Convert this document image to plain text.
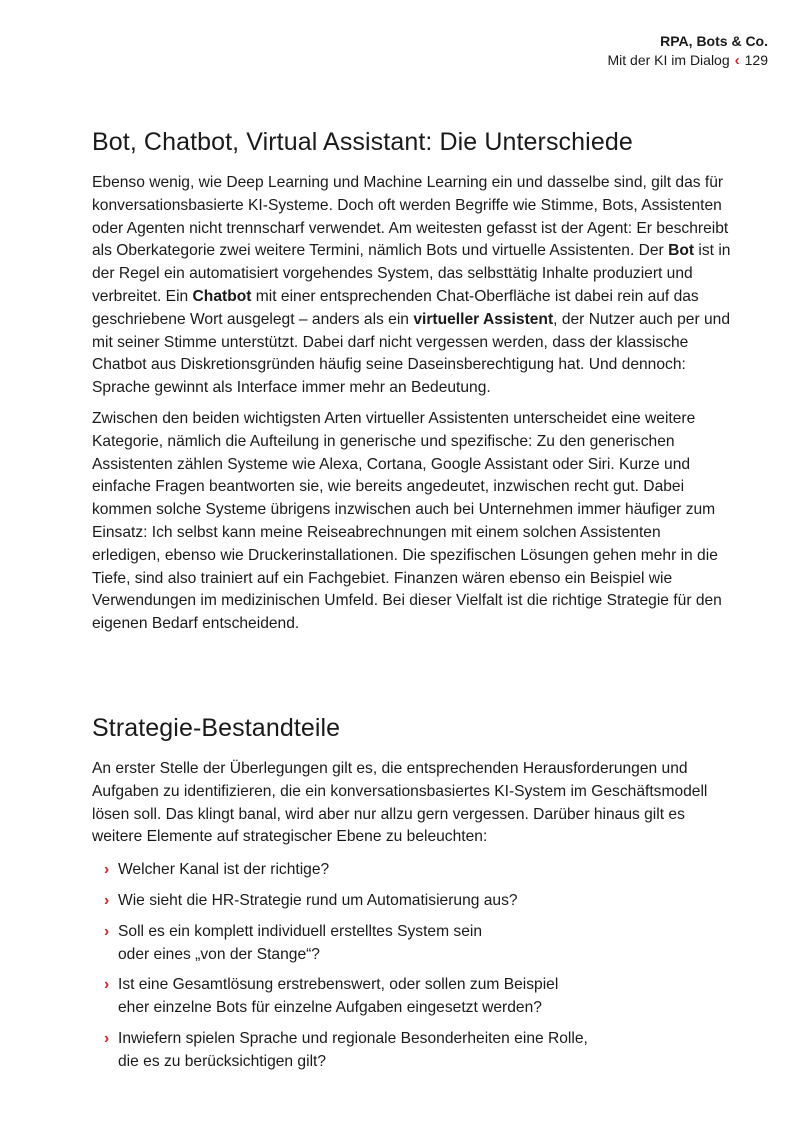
RPA, Bots & Co.
Mit der KI im Dialog ‹ 129
Bot, Chatbot, Virtual Assistant: Die Unterschiede

Ebenso wenig, wie Deep Learning und Machine Learning ein und dasselbe sind, gilt das für konversationsbasierte KI-Systeme. Doch oft werden Begriffe wie Stimme, Bots, Assistenten oder Agenten nicht trennscharf verwendet. Am weitesten gefasst ist der Agent: Er beschreibt als Oberkategorie zwei weitere Termini, nämlich Bots und virtuelle Assistenten. Der Bot ist in der Regel ein automatisiert vorgehendes System, das selbsttätig Inhalte produziert und verbreitet. Ein Chatbot mit einer entsprechenden Chat-Oberfläche ist dabei rein auf das geschriebene Wort ausgelegt – anders als ein virtueller Assistent, der Nutzer auch per und mit seiner Stimme unterstützt. Dabei darf nicht vergessen werden, dass der klassische Chatbot aus Diskretionsgründen häufig seine Daseinsberechtigung hat. Und dennoch: Sprache gewinnt als Interface immer mehr an Bedeutung.

Zwischen den beiden wichtigsten Arten virtueller Assistenten unterscheidet eine weitere Kategorie, nämlich die Aufteilung in generische und spezifische: Zu den generischen Assistenten zählen Systeme wie Alexa, Cortana, Google Assistant oder Siri. Kurze und einfache Fragen beantworten sie, wie bereits angedeutet, inzwischen recht gut. Dabei kommen solche Systeme übrigens inzwischen auch bei Unternehmen immer häufiger zum Einsatz: Ich selbst kann meine Reiseabrechnungen mit einem solchen Assistenten erledigen, ebenso wie Druckerinstallationen. Die spezifischen Lösungen gehen mehr in die Tiefe, sind also trainiert auf ein Fachgebiet. Finanzen wären ebenso ein Beispiel wie Verwendungen im medizinischen Umfeld. Bei dieser Vielfalt ist die richtige Strategie für den eigenen Bedarf entscheidend.

Strategie-Bestandteile

An erster Stelle der Überlegungen gilt es, die entsprechenden Herausforderungen und Aufgaben zu identifizieren, die ein konversationsbasiertes KI-System im Geschäftsmodell lösen soll. Das klingt banal, wird aber nur allzu gern vergessen. Darüber hinaus gilt es weitere Elemente auf strategischer Ebene zu beleuchten:

› Welcher Kanal ist der richtige?
› Wie sieht die HR-Strategie rund um Automatisierung aus?
› Soll es ein komplett individuell erstelltes System sein
oder eines „von der Stange“?
› Ist eine Gesamtlösung erstrebenswert, oder sollen zum Beispiel
eher einzelne Bots für einzelne Aufgaben eingesetzt werden?
› Inwiefern spielen Sprache und regionale Besonderheiten eine Rolle,
die es zu berücksichtigen gilt?
